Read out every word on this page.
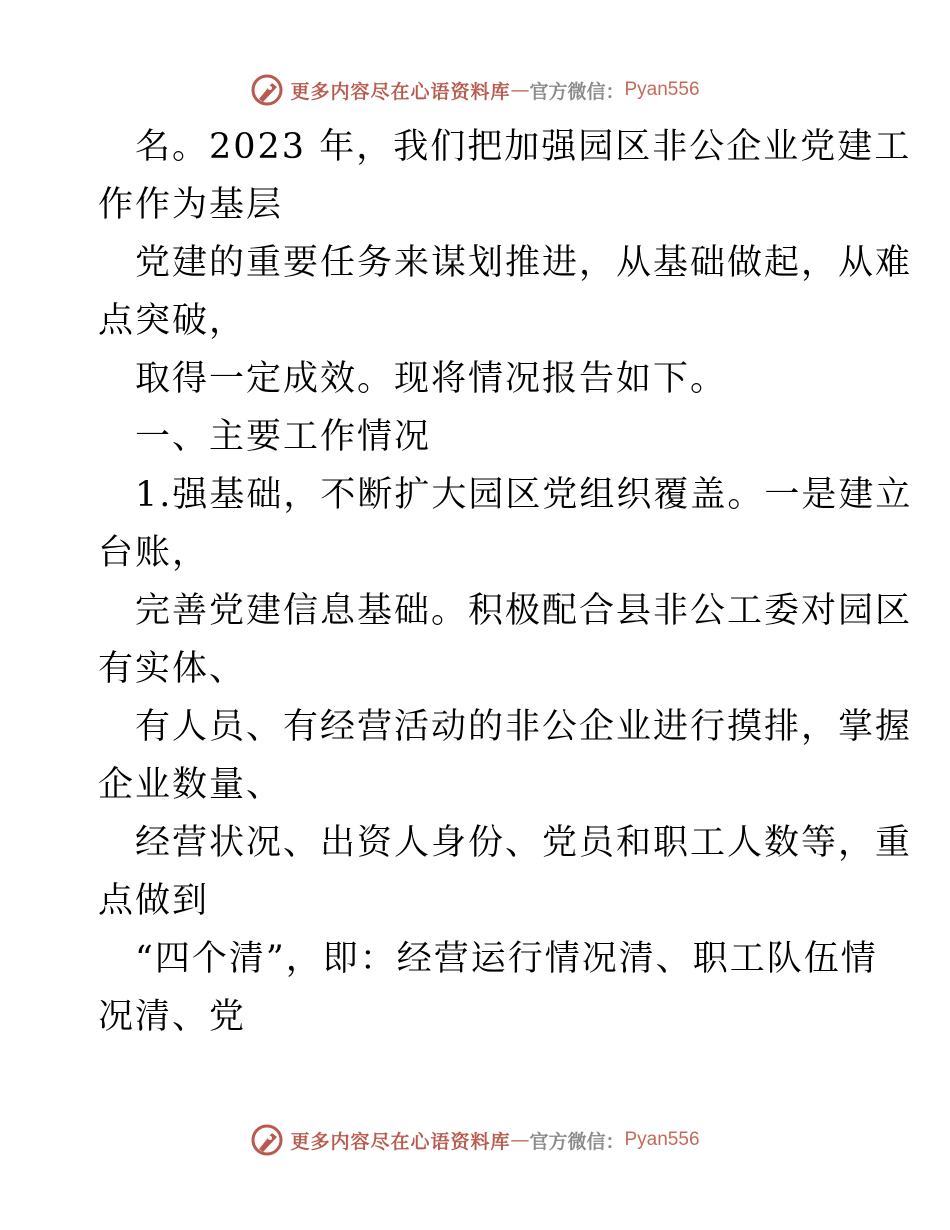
更多内容尽在心语资料库 — 官方微信： Pyan556
名。2023 年，我们把加强园区非公企业党建工
作作为基层
党建的重要任务来谋划推进，从基础做起，从难
点突破，
取得一定成效。现将情况报告如下。
一、主要工作情况
1.强基础，不断扩大园区党组织覆盖。一是建立
台账，
完善党建信息基础。积极配合县非公工委对园区
有实体、
有人员、有经营活动的非公企业进行摸排，掌握
企业数量、
经营状况、出资人身份、党员和职工人数等，重
点做到
“四个清”，即：经营运行情况清、职工队伍情
况清、党
更多内容尽在心语资料库 — 官方微信： Pyan556
